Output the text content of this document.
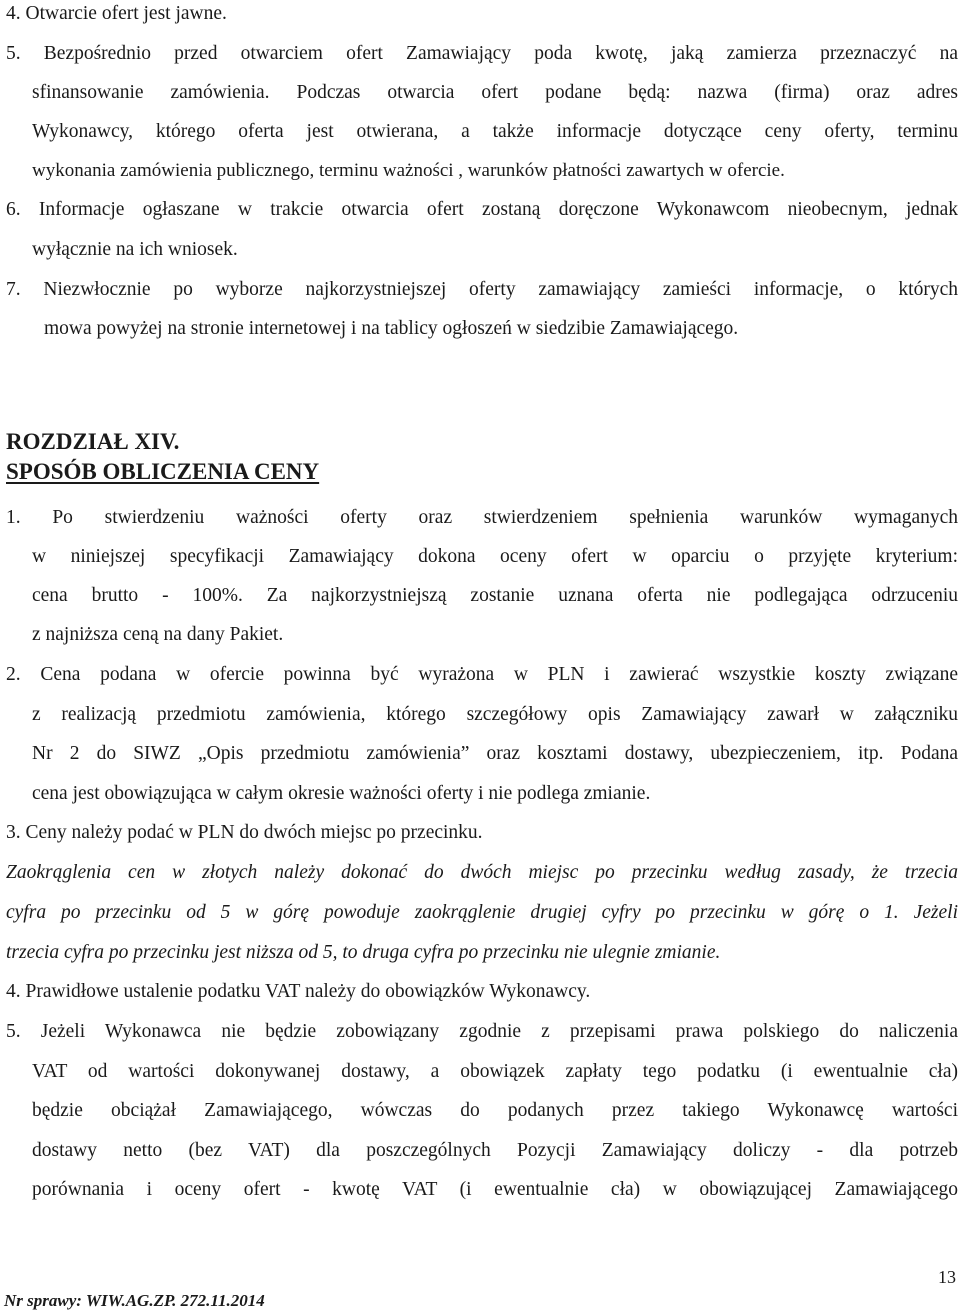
4. Otwarcie ofert jest jawne.
5. Bezpośrednio przed otwarciem ofert Zamawiający poda kwotę, jaką zamierza przeznaczyć na
sfinansowanie zamówienia. Podczas otwarcia ofert podane będą: nazwa (firma) oraz adres
Wykonawcy, którego oferta jest otwierana, a także informacje dotyczące ceny oferty, terminu
wykonania zamówienia publicznego, terminu ważności , warunków płatności zawartych w ofercie.
6. Informacje ogłaszane w trakcie otwarcia ofert zostaną doręczone Wykonawcom nieobecnym, jednak
wyłącznie na ich wniosek.
7. Niezwłocznie po wyborze najkorzystniejszej oferty zamawiający zamieści informacje, o których
mowa powyżej na stronie internetowej i na tablicy ogłoszeń w siedzibie Zamawiającego.
ROZDZIAŁ XIV.
SPOSÓB OBLICZENIA CENY
1. Po stwierdzeniu ważności oferty oraz stwierdzeniem spełnienia warunków wymaganych
w niniejszej specyfikacji Zamawiający dokona oceny ofert w oparciu o przyjęte kryterium:
cena brutto - 100%. Za najkorzystniejszą zostanie uznana oferta nie podlegająca odrzuceniu
z najniższa ceną na dany Pakiet.
2. Cena podana w ofercie powinna być wyrażona w PLN i zawierać wszystkie koszty związane
z realizacją przedmiotu zamówienia, którego szczegółowy opis Zamawiający zawarł w załączniku
Nr 2 do SIWZ „Opis przedmiotu zamówienia” oraz kosztami dostawy, ubezpieczeniem, itp. Podana
cena jest obowiązująca w całym okresie ważności oferty i nie podlega zmianie.
3. Ceny należy podać w PLN do dwóch miejsc po przecinku.
Zaokrąglenia cen w złotych należy dokonać do dwóch miejsc po przecinku według zasady, że trzecia
cyfra po przecinku od 5 w górę powoduje zaokrąglenie drugiej cyfry po przecinku w górę o 1. Jeżeli
trzecia cyfra po przecinku jest niższa od 5, to druga cyfra po przecinku nie ulegnie zmianie.
4. Prawidłowe ustalenie podatku VAT należy do obowiązków Wykonawcy.
5. Jeżeli Wykonawca nie będzie zobowiązany zgodnie z przepisami prawa polskiego do naliczenia
VAT od wartości dokonywanej dostawy, a obowiązek zapłaty tego podatku (i ewentualnie cła)
będzie obciążał Zamawiającego, wówczas do podanych przez takiego Wykonawcę wartości
dostawy netto (bez VAT) dla poszczególnych Pozycji Zamawiający doliczy - dla potrzeb
porównania i oceny ofert - kwotę VAT (i ewentualnie cła) w obowiązującej Zamawiającego
13
Nr sprawy: WIW.AG.ZP. 272.11.2014
